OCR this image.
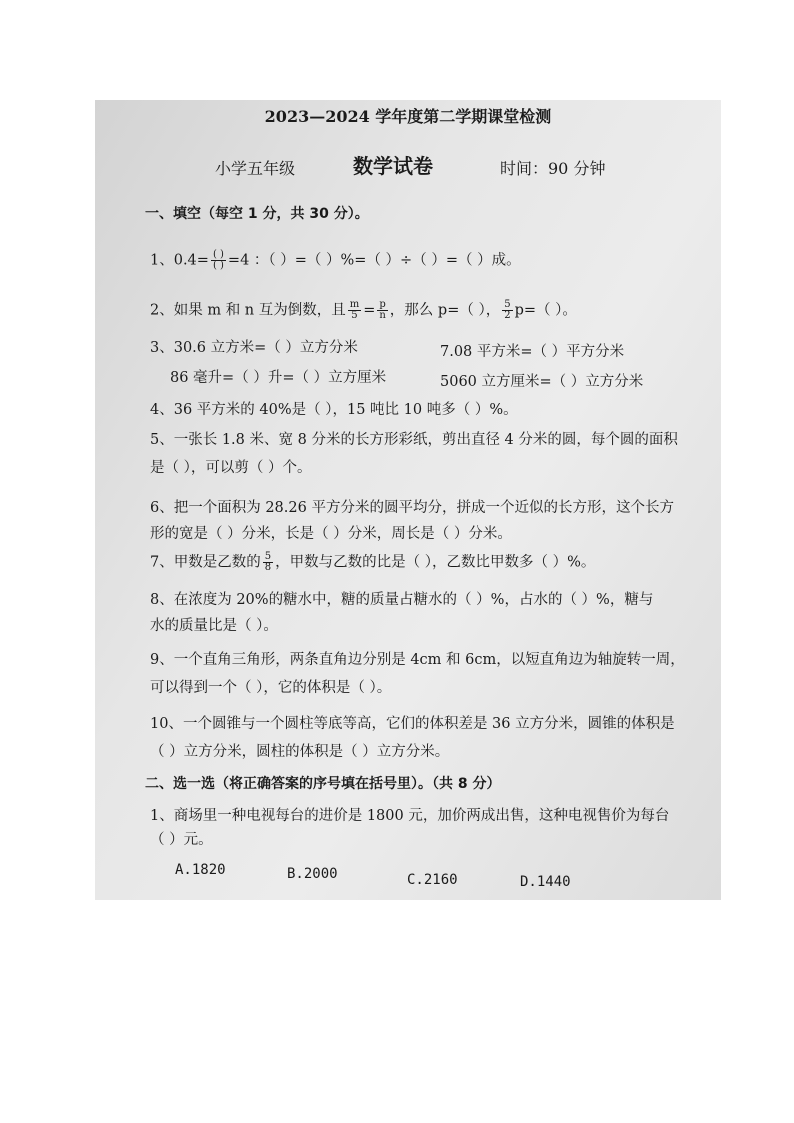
2023—2024 学年度第二学期课堂检测
小学五年级	数学试卷	时间：90 分钟
一、填空（每空 1 分，共 30 分）。
1、$0.4= \frac{( )}{( )} =4$ ：（ ）=（ ）%=（ ）÷（ ）=（ ）成。
2、如果 m 和 n 互为倒数，且 $\frac{m}{5} = \frac{p}{n}$ ，那么 p=（ ）， $\frac{5}{2} p=$（ ）。
3、30.6 立方米=（ ）立方分米	7.08 平方米=（ ）平方分米
86 毫升=（ ）升=（ ）立方厘米	5060 立方厘米=（ ）立方分米
4、36 平方米的 40%是（ ），15 吨比 10 吨多（ ）%。
5、一张长 1.8 米、宽 8 分米的长方形彩纸，剪出直径 4 分米的圆，每个圆的面积
是（ ），可以剪（ ）个。
6、把一个面积为 28.26 平方分米的圆平均分，拼成一个近似的长方形，这个长方
形的宽是（ ）分米，长是（ ）分米，周长是（ ）分米。
7、甲数是乙数的 $\frac{5}{8}$ ，甲数与乙数的比是（ ），乙数比甲数多（ ）%。
8、在浓度为 20%的糖水中，糖的质量占糖水的（ ）%，占水的（ ）%，糖与
水的质量比是（ ）。
9、一个直角三角形，两条直角边分别是 4cm 和 6cm，以短直角边为轴旋转一周，
可以得到一个（ ），它的体积是（ ）。
10、一个圆锥与一个圆柱等底等高，它们的体积差是 36 立方分米，圆锥的体积是
（ ）立方分米，圆柱的体积是（ ）立方分米。
二、选一选（将正确答案的序号填在括号里）。（共 8 分）
1、商场里一种电视每台的进价是 1800 元，加价两成出售，这种电视售价为每台
（ ）元。
A.1820	B.2000	C.2160	D.1440
